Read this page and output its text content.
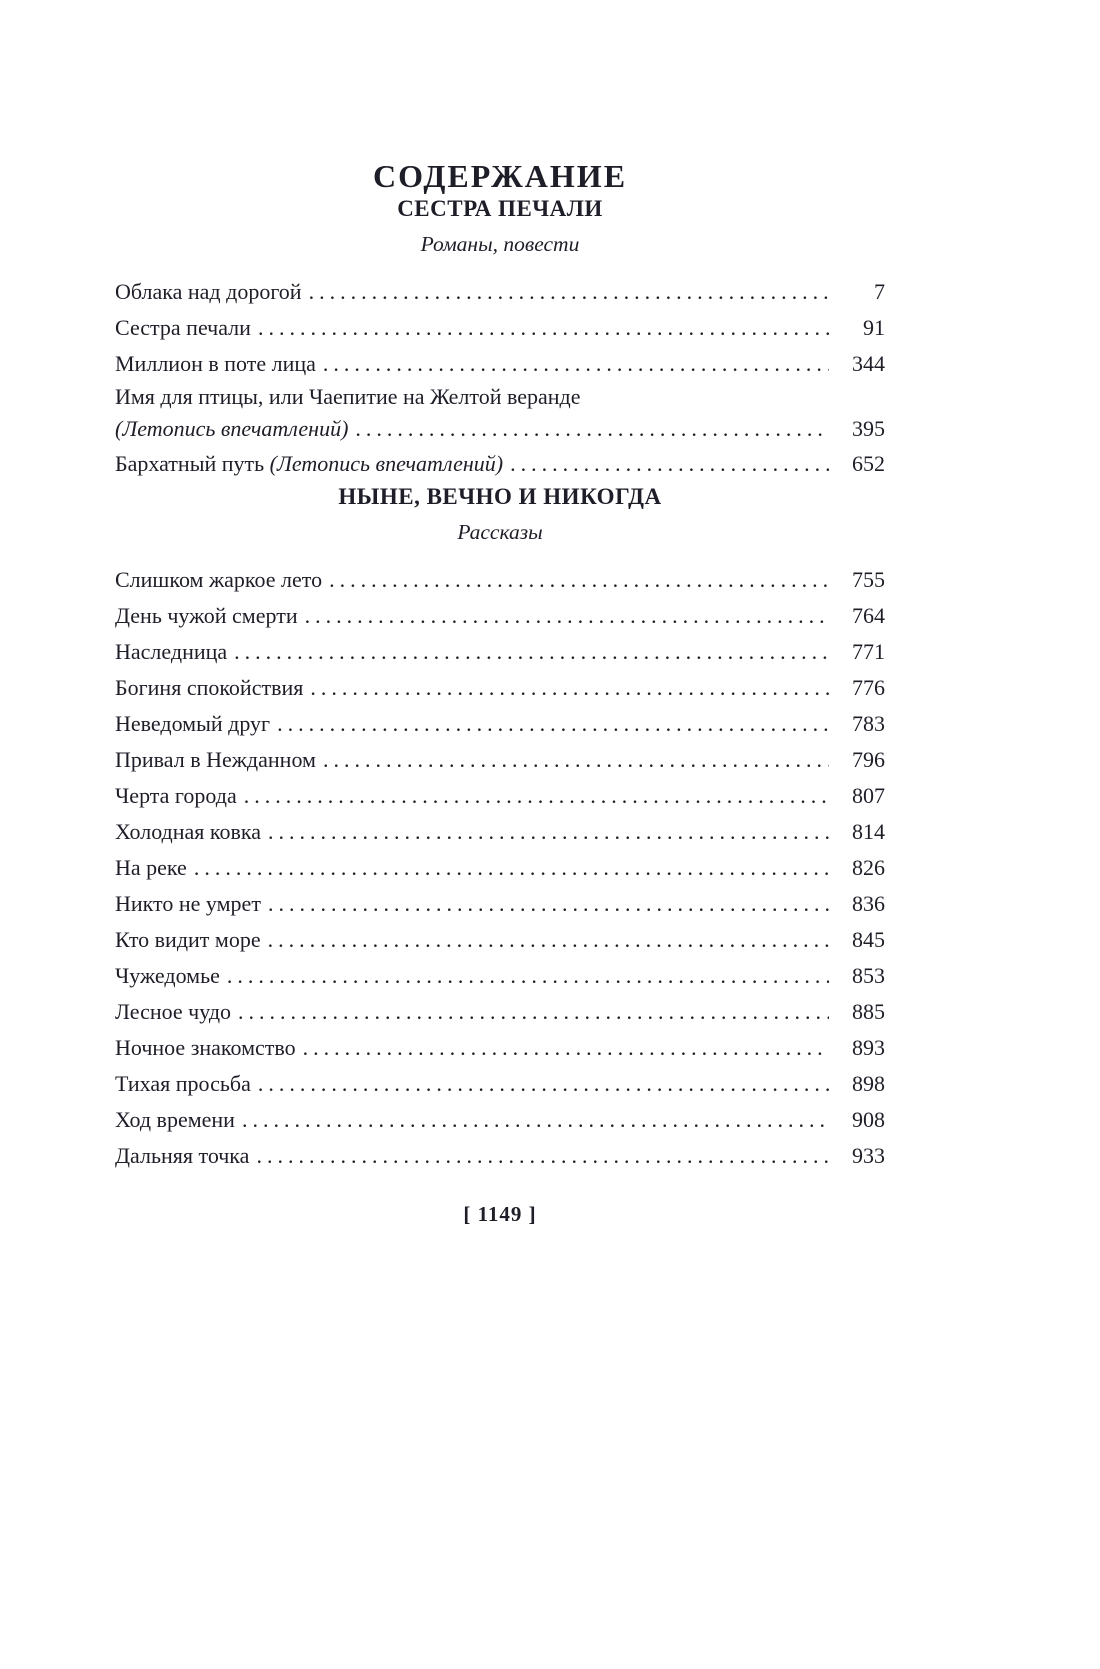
СОДЕРЖАНИЕ
СЕСТРА ПЕЧАЛИ
Романы, повести
Облака над дорогой .....	7
Сестра печали .....	91
Миллион в поте лица .....	344
Имя для птицы, или Чаепитие на Желтой веранде
(Летопись впечатлений) .....	395
Бархатный путь (Летопись впечатлений) .....	652
НЫНЕ, ВЕЧНО И НИКОГДА
Рассказы
Слишком жаркое лето .....	755
День чужой смерти .....	764
Наследница .....	771
Богиня спокойствия .....	776
Неведомый друг .....	783
Привал в Нежданном .....	796
Черта города .....	807
Холодная ковка .....	814
На реке .....	826
Никто не умрет .....	836
Кто видит море .....	845
Чужедомье .....	853
Лесное чудо .....	885
Ночное знакомство .....	893
Тихая просьба .....	898
Ход времени .....	908
Дальняя точка .....	933
[ 1149 ]
